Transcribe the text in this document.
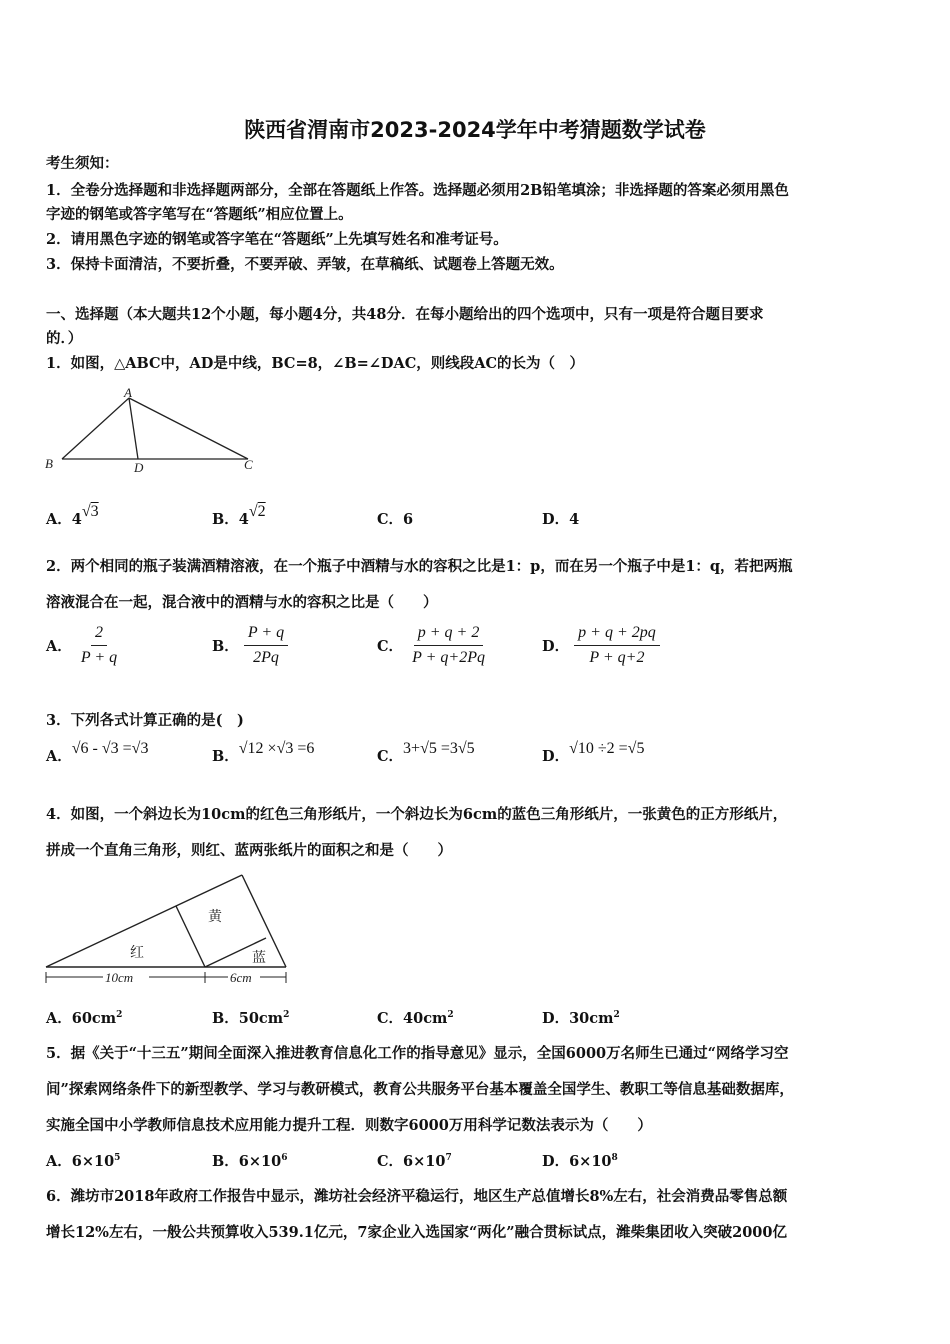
陕西省渭南市2023-2024学年中考猜题数学试卷
考生须知：
1．全卷分选择题和非选择题两部分，全部在答题纸上作答。选择题必须用2B铅笔填涂；非选择题的答案必须用黑色
字迹的钢笔或答字笔写在“答题纸”相应位置上。
2．请用黑色字迹的钢笔或答字笔在“答题纸”上先填写姓名和准考证号。
3．保持卡面清洁，不要折叠，不要弄破、弄皱，在草稿纸、试题卷上答题无效。
一、选择题（本大题共12个小题，每小题4分，共48分．在每小题给出的四个选项中，只有一项是符合题目要求
的．）
1．如图，△ABC中，AD是中线，BC=8，∠B=∠DAC，则线段AC的长为（　）
A
B	D	C
A．4√3	B．4√2	C．6	D．4
2．两个相同的瓶子装满酒精溶液，在一个瓶子中酒精与水的容积之比是1：p，而在另一个瓶子中是1：q，若把两瓶
溶液混合在一起，混合液中的酒精与水的容积之比是（　　）
A． $\frac{2}{P + q}$	B． $\frac{P + q}{2Pq}$	C． $\frac{p + q + 2}{P + q+2Pq}$	D． $\frac{p + q + 2pq}{P + q+2}$
3．下列各式计算正确的是(　)
A．√6 - √3 =√3	B．√12 ×√3 =6	C．3+√5 =3√5	D．√10 ÷2 =√5
4．如图，一个斜边长为10cm的红色三角形纸片，一个斜边长为6cm的蓝色三角形纸片，一张黄色的正方形纸片，
拼成一个直角三角形，则红、蓝两张纸片的面积之和是（　　）
10cm	6cm
红
黄
蓝
A．$60cm^2$	B．$50cm^2$	C．$40cm^2$	D．$30cm^2$
5．据《关于“十三五”期间全面深入推进教育信息化工作的指导意见》显示，全国6000万名师生已通过“网络学习空
间”探索网络条件下的新型教学、学习与教研模式，教育公共服务平台基本覆盖全国学生、教职工等信息基础数据库，
实施全国中小学教师信息技术应用能力提升工程．则数字6000万用科学记数法表示为（　　）
A．$6\times 10^5$	B．$6\times 10^6$	C．$6\times 10^7$	D．$6\times 10^8$
6．潍坊市2018年政府工作报告中显示，潍坊社会经济平稳运行，地区生产总值增长8%左右，社会消费品零售总额
增长12%左右，一般公共预算收入539.1亿元，7家企业入选国家“两化”融合贯标试点，潍柴集团收入突破2000亿
